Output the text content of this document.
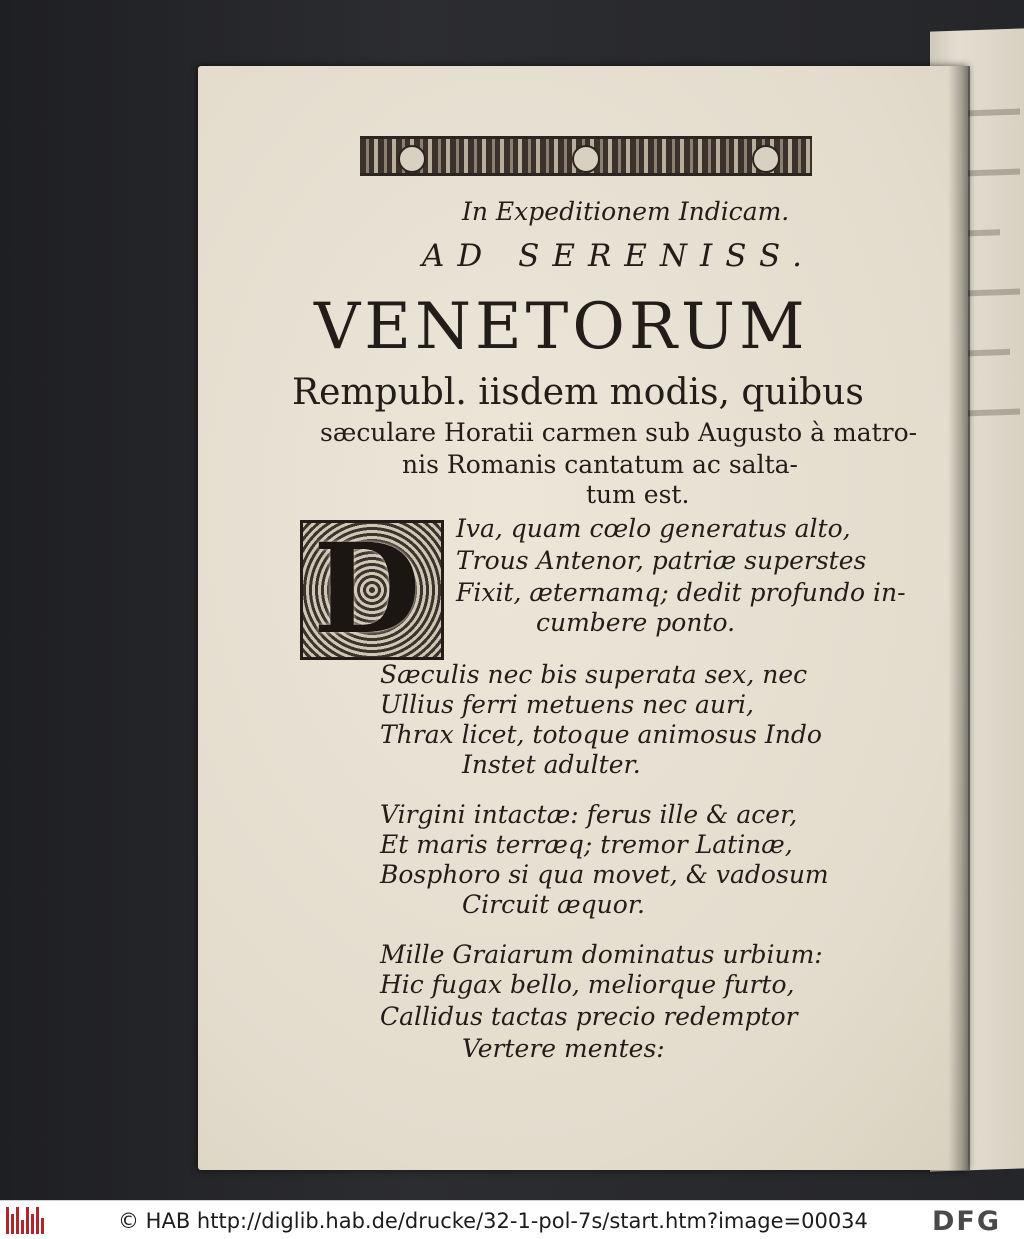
In Expeditionem Indicam.
AD SERENISS.
VENETORUM
Rempubl. iisdem modis, quibus
sæculare Horatii carmen sub Augusto à matro-
nis Romanis cantatum ac salta-
tum est.
D Iva, quam cœlo generatus alto,
Trous Antenor, patriæ superstes
Fixit, æternamq; dedit profundo in-
cumbere ponto.
Sæculis nec bis superata sex, nec
Ullius ferri metuens nec auri,
Thrax licet, totoque animosus Indo
Instet adulter.
Virgini intactæ: ferus ille & acer,
Et maris terræq; tremor Latinæ,
Bosphoro si qua movet, & vadosum
Circuit æquor.
Mille Graiarum dominatus urbium:
Hic fugax bello, meliorque furto,
Callidus tactas precio redemptor
Vertere mentes:
© HAB http://diglib.hab.de/drucke/32-1-pol-7s/start.htm?image=00034 DFG
